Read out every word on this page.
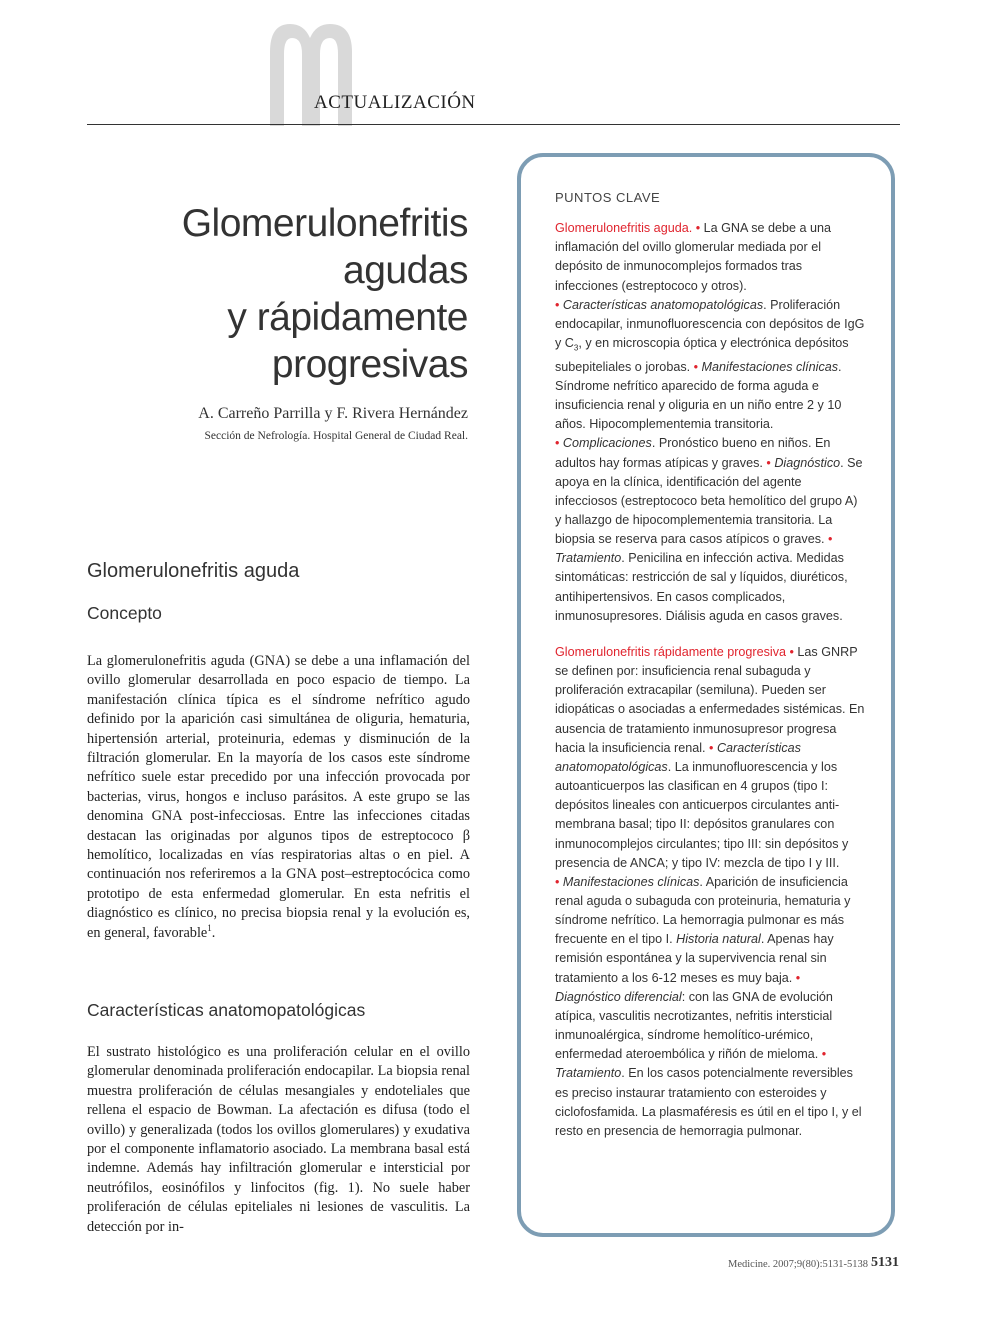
ACTUALIZACIÓN
Glomerulonefritis
agudas
y rápidamente
progresivas
A. Carreño Parrilla y F. Rivera Hernández
Sección de Nefrología. Hospital General de Ciudad Real.
Glomerulonefritis aguda
Concepto
La glomerulonefritis aguda (GNA) se debe a una inflamación del ovillo glomerular desarrollada en poco espacio de tiempo. La manifestación clínica típica es el síndrome nefrítico agudo definido por la aparición casi simultánea de oliguria, hematuria, hipertensión arterial, proteinuria, edemas y disminución de la filtración glomerular. En la mayoría de los casos este síndrome nefrítico suele estar precedido por una infección provocada por bacterias, virus, hongos e incluso parásitos. A este grupo se las denomina GNA post-infecciosas. Entre las infecciones citadas destacan las originadas por algunos tipos de estreptococo β hemolítico, localizadas en vías respiratorias altas o en piel. A continuación nos referiremos a la GNA post–estreptocócica como prototipo de esta enfermedad glomerular. En esta nefritis el diagnóstico es clínico, no precisa biopsia renal y la evolución es, en general, favorable$^1$.
Características anatomopatológicas
El sustrato histológico es una proliferación celular en el ovillo glomerular denominada proliferación endocapilar. La biopsia renal muestra proliferación de células mesangiales y endoteliales que rellena el espacio de Bowman. La afectación es difusa (todo el ovillo) y generalizada (todos los ovillos glomerulares) y exudativa por el componente inflamatorio asociado. La membrana basal está indemne. Además hay infiltración glomerular e intersticial por neutrófilos, eosinófilos y linfocitos (fig. 1). No suele haber proliferación de células epiteliales ni lesiones de vasculitis. La detección por in-
PUNTOS CLAVE
Glomerulonefritis aguda. • La GNA se debe a una inflamación del ovillo glomerular mediada por el depósito de inmunocomplejos formados tras infecciones (estreptococo y otros).
• Características anatomopatológicas. Proliferación endocapilar, inmunofluorescencia con depósitos de IgG y $C_3$, y en microscopia óptica y electrónica depósitos subepiteliales o jorobas. • Manifestaciones clínicas. Síndrome nefrítico aparecido de forma aguda e insuficiencia renal y oliguria en un niño entre 2 y 10 años. Hipocomplementemia transitoria.
• Complicaciones. Pronóstico bueno en niños. En adultos hay formas atípicas y graves. • Diagnóstico. Se apoya en la clínica, identificación del agente infecciosos (estreptococo beta hemolítico del grupo A) y hallazgo de hipocomplementemia transitoria. La biopsia se reserva para casos atípicos o graves. • Tratamiento. Penicilina en infección activa. Medidas sintomáticas: restricción de sal y líquidos, diuréticos, antihipertensivos. En casos complicados, inmunosupresores. Diálisis aguda en casos graves.
Glomerulonefritis rápidamente progresiva • Las GNRP se definen por: insuficiencia renal subaguda y proliferación extracapilar (semiluna). Pueden ser idiopáticas o asociadas a enfermedades sistémicas. En ausencia de tratamiento inmunosupresor progresa hacia la insuficiencia renal. • Características anatomopatológicas. La inmunofluorescencia y los autoanticuerpos las clasifican en 4 grupos (tipo I: depósitos lineales con anticuerpos circulantes anti-membrana basal; tipo II: depósitos granulares con inmunocomplejos circulantes; tipo III: sin depósitos y presencia de ANCA; y tipo IV: mezcla de tipo I y III.
• Manifestaciones clínicas. Aparición de insuficiencia renal aguda o subaguda con proteinuria, hematuria y síndrome nefrítico. La hemorragia pulmonar es más frecuente en el tipo I. Historia natural. Apenas hay remisión espontánea y la supervivencia renal sin tratamiento a los 6-12 meses es muy baja. • Diagnóstico diferencial: con las GNA de evolución atípica, vasculitis necrotizantes, nefritis intersticial inmunoalérgica, síndrome hemolítico-urémico, enfermedad ateroembólica y riñón de mieloma. • Tratamiento. En los casos potencialmente reversibles es preciso instaurar tratamiento con esteroides y ciclofosfamida. La plasmaféresis es útil en el tipo I, y el resto en presencia de hemorragia pulmonar.
Medicine. 2007;9(80):5131-5138 5131
